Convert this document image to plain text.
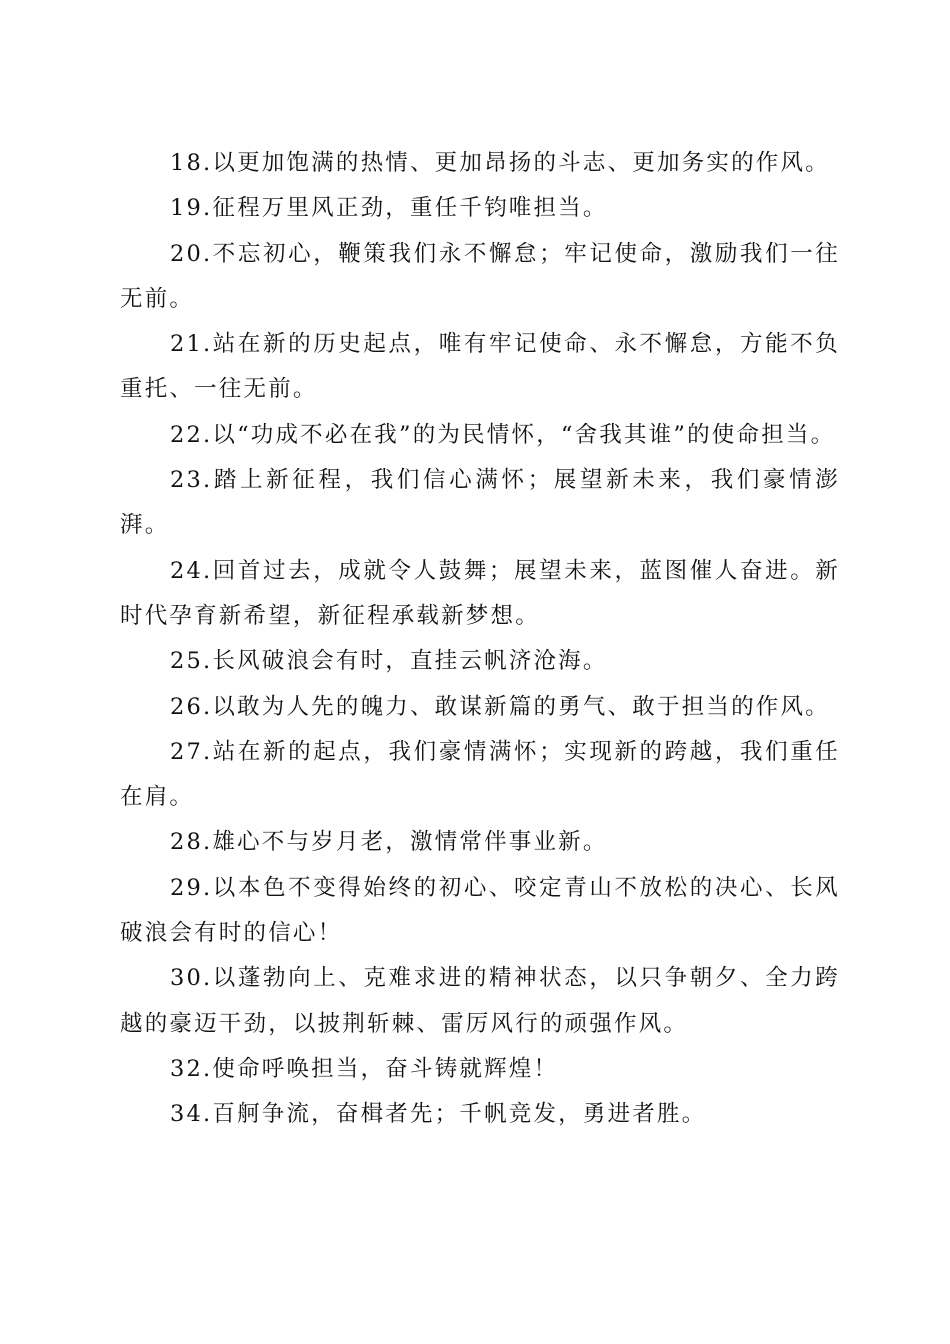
18.以更加饱满的热情、更加昂扬的斗志、更加务实的作风。

19.征程万里风正劲，重任千钧唯担当。

20.不忘初心，鞭策我们永不懈怠；牢记使命，激励我们一往无前。

21.站在新的历史起点，唯有牢记使命、永不懈怠，方能不负重托、一往无前。

22.以“功成不必在我”的为民情怀，“舍我其谁”的使命担当。

23.踏上新征程，我们信心满怀；展望新未来，我们豪情澎湃。

24.回首过去，成就令人鼓舞；展望未来，蓝图催人奋进。新时代孕育新希望，新征程承载新梦想。

25.长风破浪会有时，直挂云帆济沧海。

26.以敢为人先的魄力、敢谋新篇的勇气、敢于担当的作风。

27.站在新的起点，我们豪情满怀；实现新的跨越，我们重任在肩。

28.雄心不与岁月老，激情常伴事业新。

29.以本色不变得始终的初心、咬定青山不放松的决心、长风破浪会有时的信心！

30.以蓬勃向上、克难求进的精神状态，以只争朝夕、全力跨越的豪迈干劲，以披荆斩棘、雷厉风行的顽强作风。

32.使命呼唤担当，奋斗铸就辉煌！

34.百舸争流，奋楫者先；千帆竞发，勇进者胜。
